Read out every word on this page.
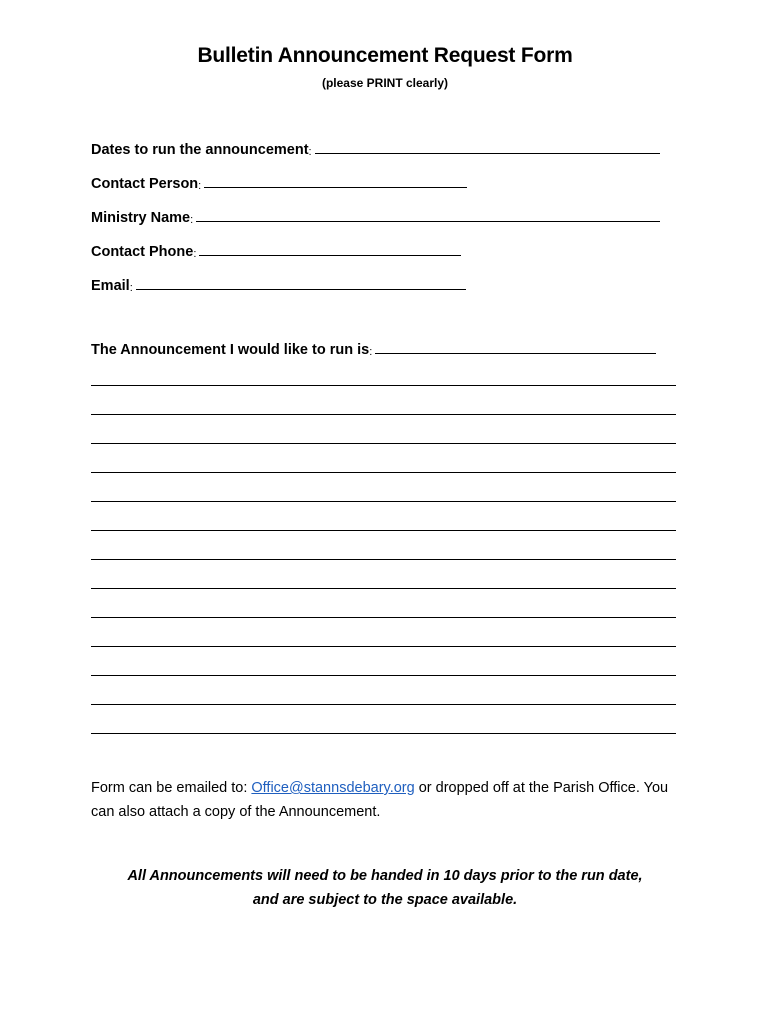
Bulletin Announcement Request Form
(please PRINT clearly)
Dates to run the announcement :
Contact Person :
Ministry Name :
Contact Phone :
Email :
The Announcement I would like to run is :
Form can be emailed to: Office@stannsdebary.org or dropped off at the Parish Office. You can also attach a copy of the Announcement.
All Announcements will need to be handed in 10 days prior to the run date,
and are subject to the space available.
